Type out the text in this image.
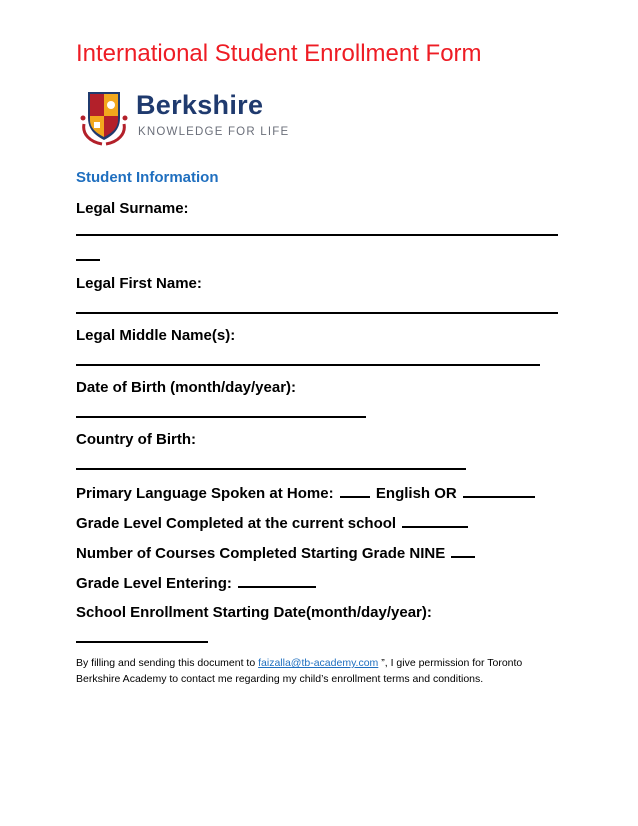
International Student Enrollment Form
Berkshire
KNOWLEDGE FOR LIFE
Student Information
Legal Surname:
Legal First Name:
Legal Middle Name(s):
Date of Birth (month/day/year):
Country of Birth:
Primary Language Spoken at Home:	English OR
Grade Level Completed at the current school
Number of Courses Completed Starting Grade NINE
Grade Level Entering:
School Enrollment Starting Date(month/day/year):
By filling and sending this document to faizalla@tb-academy.com ”, I give permission for Toronto Berkshire Academy to contact me regarding my child’s enrollment terms and conditions.
